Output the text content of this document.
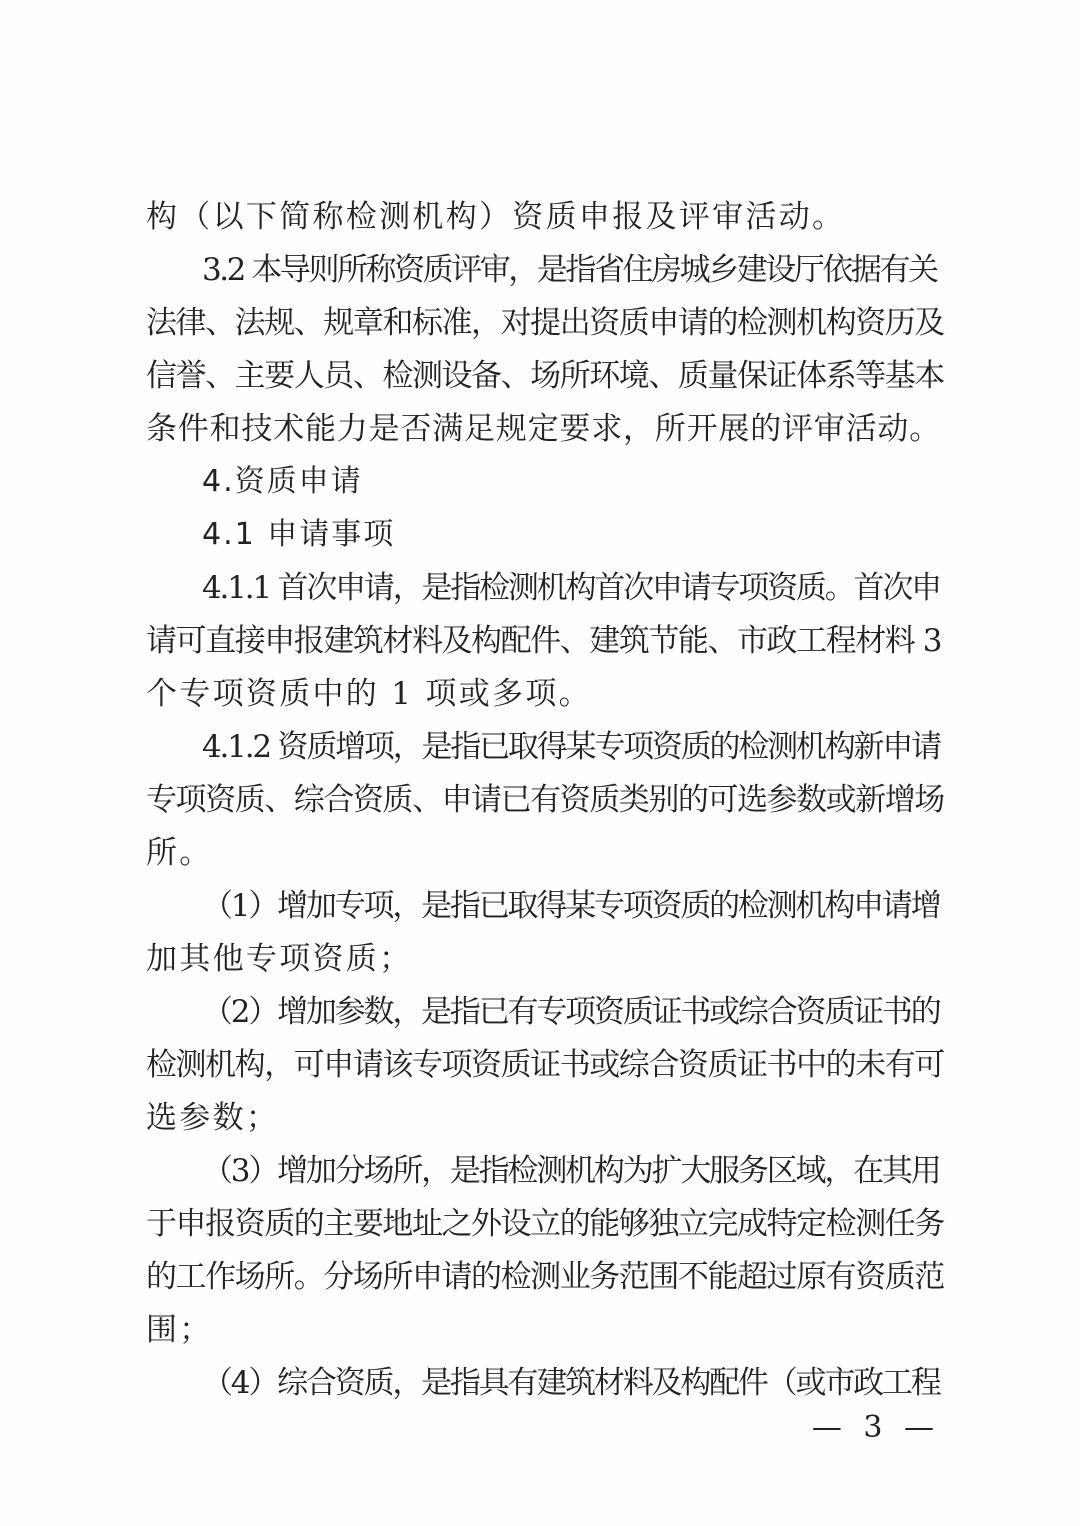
构（以下简称检测机构）资质申报及评审活动。
3.2 本导则所称资质评审，是指省住房城乡建设厅依据有关
法律、法规、规章和标准，对提出资质申请的检测机构资历及
信誉、主要人员、检测设备、场所环境、质量保证体系等基本
条件和技术能力是否满足规定要求，所开展的评审活动。
4.资质申请
4.1 申请事项
4.1.1 首次申请，是指检测机构首次申请专项资质。首次申
请可直接申报建筑材料及构配件、建筑节能、市政工程材料 3
个专项资质中的 1 项或多项。
4.1.2 资质增项，是指已取得某专项资质的检测机构新申请
专项资质、综合资质、申请已有资质类别的可选参数或新增场
所。
（1）增加专项，是指已取得某专项资质的检测机构申请增
加其他专项资质；
（2）增加参数，是指已有专项资质证书或综合资质证书的
检测机构，可申请该专项资质证书或综合资质证书中的未有可
选参数；
（3）增加分场所，是指检测机构为扩大服务区域，在其用
于申报资质的主要地址之外设立的能够独立完成特定检测任务
的工作场所。分场所申请的检测业务范围不能超过原有资质范
围；
（4）综合资质，是指具有建筑材料及构配件（或市政工程
— 3 —
